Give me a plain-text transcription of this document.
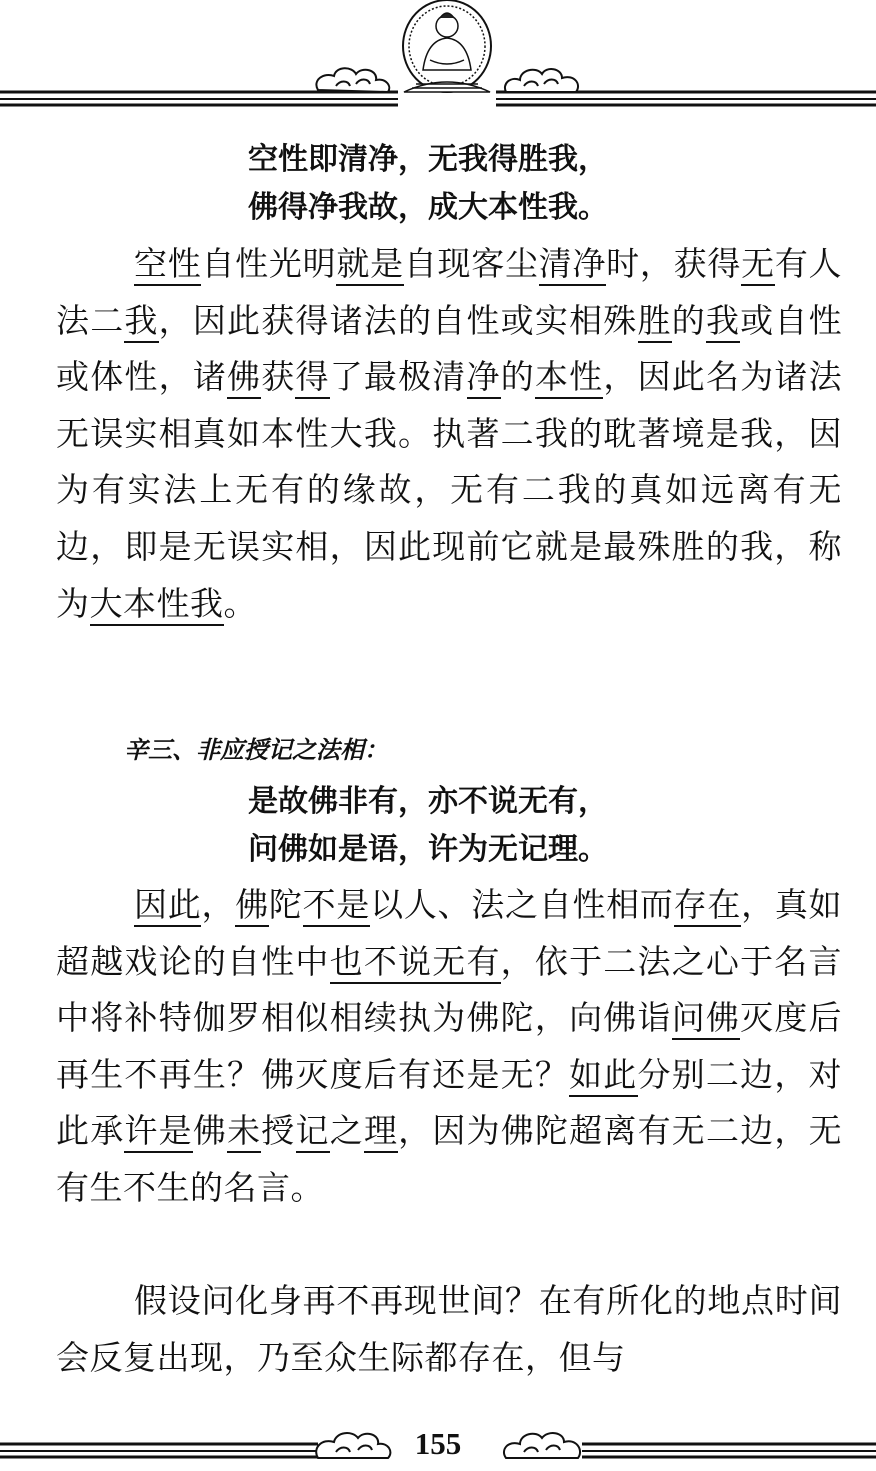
空性即清净，无我得胜我，
佛得净我故，成大本性我。
空性自性光明就是自现客尘清净时，获得无有人法二我，因此获得诸法的自性或实相殊胜的我或自性或体性，诸佛获得了最极清净的本性，因此名为诸法无误实相真如本性大我。执著二我的耽著境是我，因为有实法上无有的缘故，无有二我的真如远离有无边，即是无误实相，因此现前它就是最殊胜的我，称为大本性我。
辛三、非应授记之法相：
是故佛非有，亦不说无有，
问佛如是语，许为无记理。
因此，佛陀不是以人、法之自性相而存在，真如超越戏论的自性中也不说无有，依于二法之心于名言中将补特伽罗相似相续执为佛陀，向佛诣问佛灭度后再生不再生？佛灭度后有还是无？如此分别二边，对此承许是佛未授记之理，因为佛陀超离有无二边，无有生不生的名言。
假设问化身再不再现世间？在有所化的地点时间会反复出现，乃至众生际都存在，但与
155
